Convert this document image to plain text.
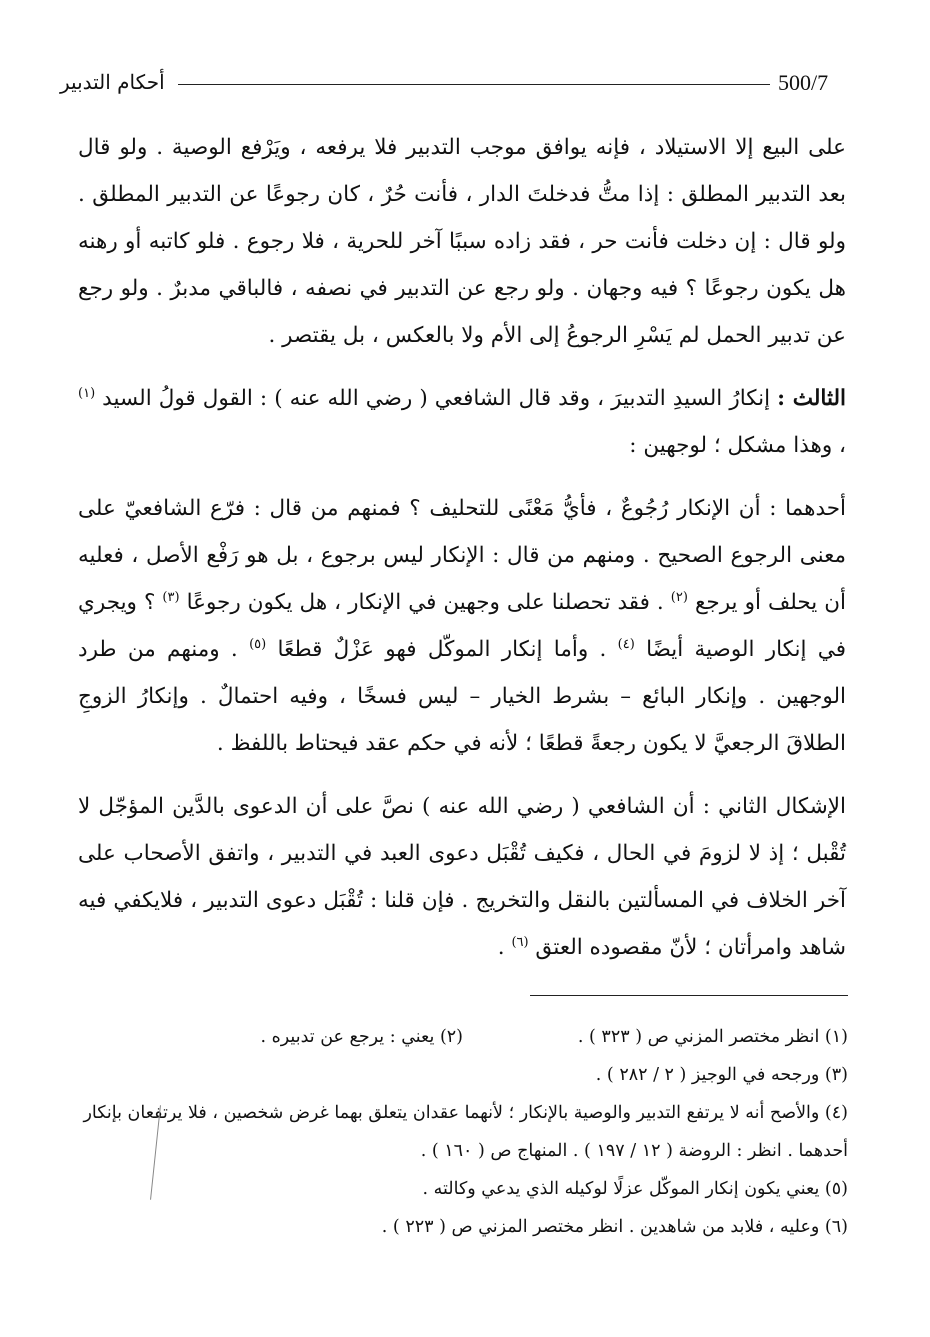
500/7
أحكام التدبير

على البيع إلا الاستيلاد ، فإنه يوافق موجب التدبير فلا يرفعه ، ويَرْفع الوصية . ولو قال بعد التدبير المطلق : إذا متُّ فدخلتَ الدار ، فأنت حُرٌ ، كان رجوعًا عن التدبير المطلق . ولو قال : إن دخلت فأنت حر ، فقد زاده سببًا آخر للحرية ، فلا رجوع . فلو كاتبه أو رهنه هل يكون رجوعًا ؟ فيه وجهان . ولو رجع عن التدبير في نصفه ، فالباقي مدبرٌ . ولو رجع عن تدبير الحمل لم يَسْرِ الرجوعُ إلى الأم ولا بالعكس ، بل يقتصر .

الثالث : إنكارُ السيدِ التدبيرَ ، وقد قال الشافعي ( رضي الله عنه ) : القول قولُ السيد $^{(١)}$ ، وهذا مشكل ؛ لوجهين :

أحدهما : أن الإنكار رُجُوعٌ ، فأيُّ مَعْنًى للتحليف ؟ فمنهم من قال : فرّع الشافعيّ على معنى الرجوع الصحيح . ومنهم من قال : الإنكار ليس برجوع ، بل هو رَفْع الأصل ، فعليه أن يحلف أو يرجع $^{(٢)}$ . فقد تحصلنا على وجهين في الإنكار ، هل يكون رجوعًا $^{(٣)}$ ؟ ويجري في إنكار الوصية أيضًا $^{(٤)}$ . وأما إنكار الموكّل فهو عَزْلٌ قطعًا $^{(٥)}$ . ومنهم من طرد الوجهين . وإنكار البائع – بشرط الخيار – ليس فسخًا ، وفيه احتمالٌ . وإنكارُ الزوجِ الطلاقَ الرجعيَّ لا يكون رجعةً قطعًا ؛ لأنه في حكم عقد فيحتاط باللفظ .

الإشكال الثاني : أن الشافعي ( رضي الله عنه ) نصَّ على أن الدعوى بالدَّين المؤجّل لا تُقْبل ؛ إذ لا لزومَ في الحال ، فكيف تُقْبَل دعوى العبد في التدبير ، واتفق الأصحاب على آخر الخلاف في المسألتين بالنقل والتخريج . فإن قلنا : تُقْبَل دعوى التدبير ، فلايكفي فيه شاهد وامرأتان ؛ لأنّ مقصوده العتق $^{(٦)}$ .

(١) انظر مختصر المزني ص ( ٣٢٣ ) .
(٢) يعني : يرجع عن تدبيره .
(٣) ورجحه في الوجيز ( ٢ / ٢٨٢ ) .
(٤) والأصح أنه لا يرتفع التدبير والوصية بالإنكار ؛ لأنهما عقدان يتعلق بهما غرض شخصين ، فلا يرتفعان بإنكار أحدهما . انظر : الروضة ( ١٢ / ١٩٧ ) . المنهاج ص ( ١٦٠ ) .
(٥) يعني يكون إنكار الموكّل عزلًا لوكيله الذي يدعي وكالته .
(٦) وعليه ، فلابد من شاهدين . انظر مختصر المزني ص ( ٢٢٣ ) .
